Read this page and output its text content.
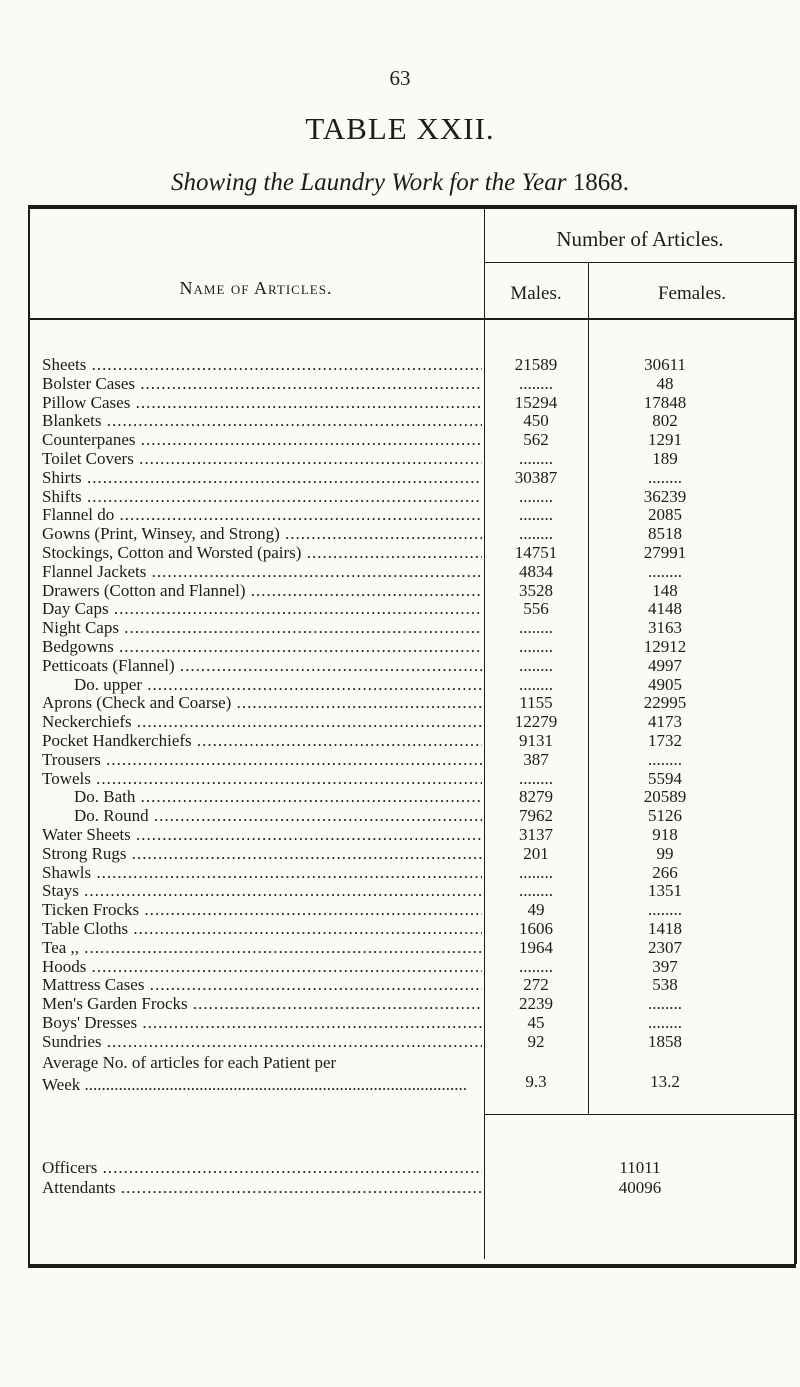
63
TABLE XXII.
Showing the Laundry Work for the Year 1868.
Name of Articles.
Number of Articles.
Males.	Females.
Sheets .....	21589	30611
Bolster Cases .....	........	48
Pillow Cases .....	15294	17848
Blankets .....	450	802
Counterpanes .....	562	1291
Toilet Covers .....	........	189
Shirts .....	30387	........
Shifts .....	........	36239
Flannel do .....	........	2085
Gowns (Print, Winsey, and Strong) .....	........	8518
Stockings, Cotton and Worsted (pairs) .....	14751	27991
Flannel Jackets .....	4834	........
Drawers (Cotton and Flannel) .....	3528	148
Day Caps .....	556	4148
Night Caps .....	........	3163
Bedgowns .....	........	12912
Petticoats (Flannel) .....	........	4997
Do. upper .....	........	4905
Aprons (Check and Coarse) .....	1155	22995
Neckerchiefs .....	12279	4173
Pocket Handkerchiefs .....	9131	1732
Trousers .....	387	........
Towels .....	........	5594
Do. Bath .....	8279	20589
Do. Round .....	7962	5126
Water Sheets .....	3137	918
Strong Rugs .....	201	99
Shawls .....	........	266
Stays .....	........	1351
Ticken Frocks .....	49	........
Table Cloths .....	1606	1418
Tea ,, .....	1964	2307
Hoods .....	........	397
Mattress Cases .....	272	538
Men's Garden Frocks .....	2239	........
Boys' Dresses .....	45	........
Sundries .....	92	1858
Average No. of articles for each Patient per

Week ..........................................................................................	9.3	13.2
Officers .....	11011
Attendants .....	40096
